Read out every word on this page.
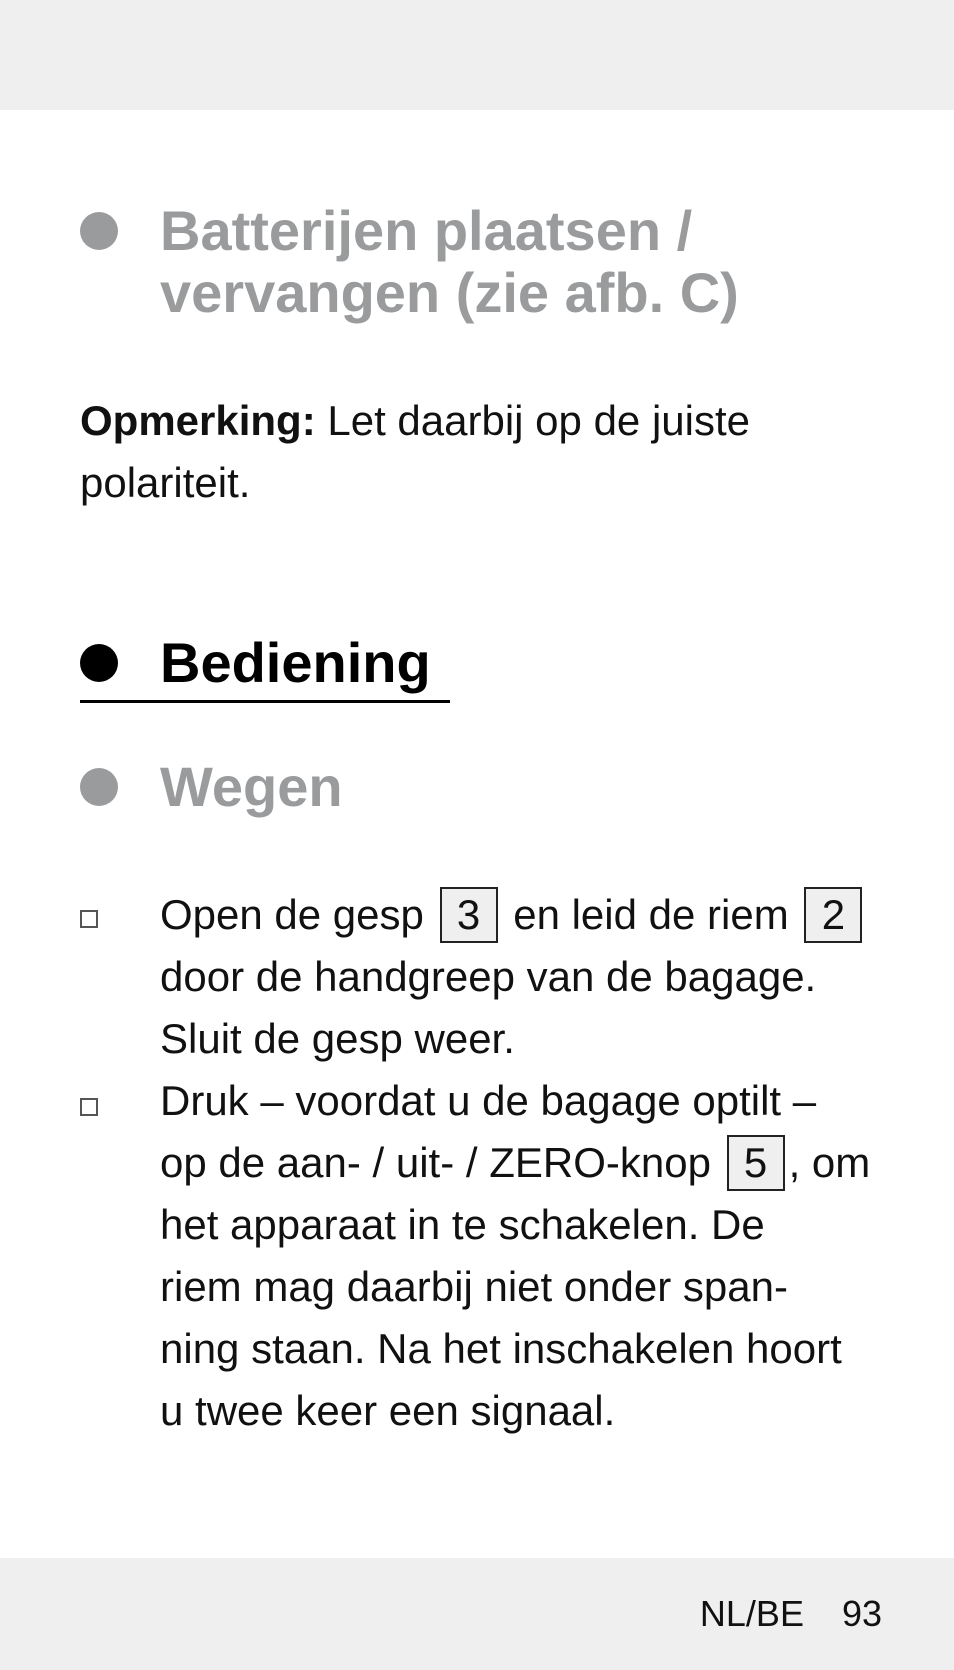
Batterijen plaatsen /
vervangen (zie afb. C)
Opmerking: Let daarbij op de juiste
polariteit.
Bediening
Wegen
Open de gesp 3 en leid de riem 2
door de handgreep van de bagage.
Sluit de gesp weer.
Druk – voordat u de bagage optilt –
op de aan- / uit- / ZERO-knop 5 , om
het apparaat in te schakelen. De
riem mag daarbij niet onder span-
ning staan. Na het inschakelen hoort
u twee keer een signaal.
NL/BE 93
